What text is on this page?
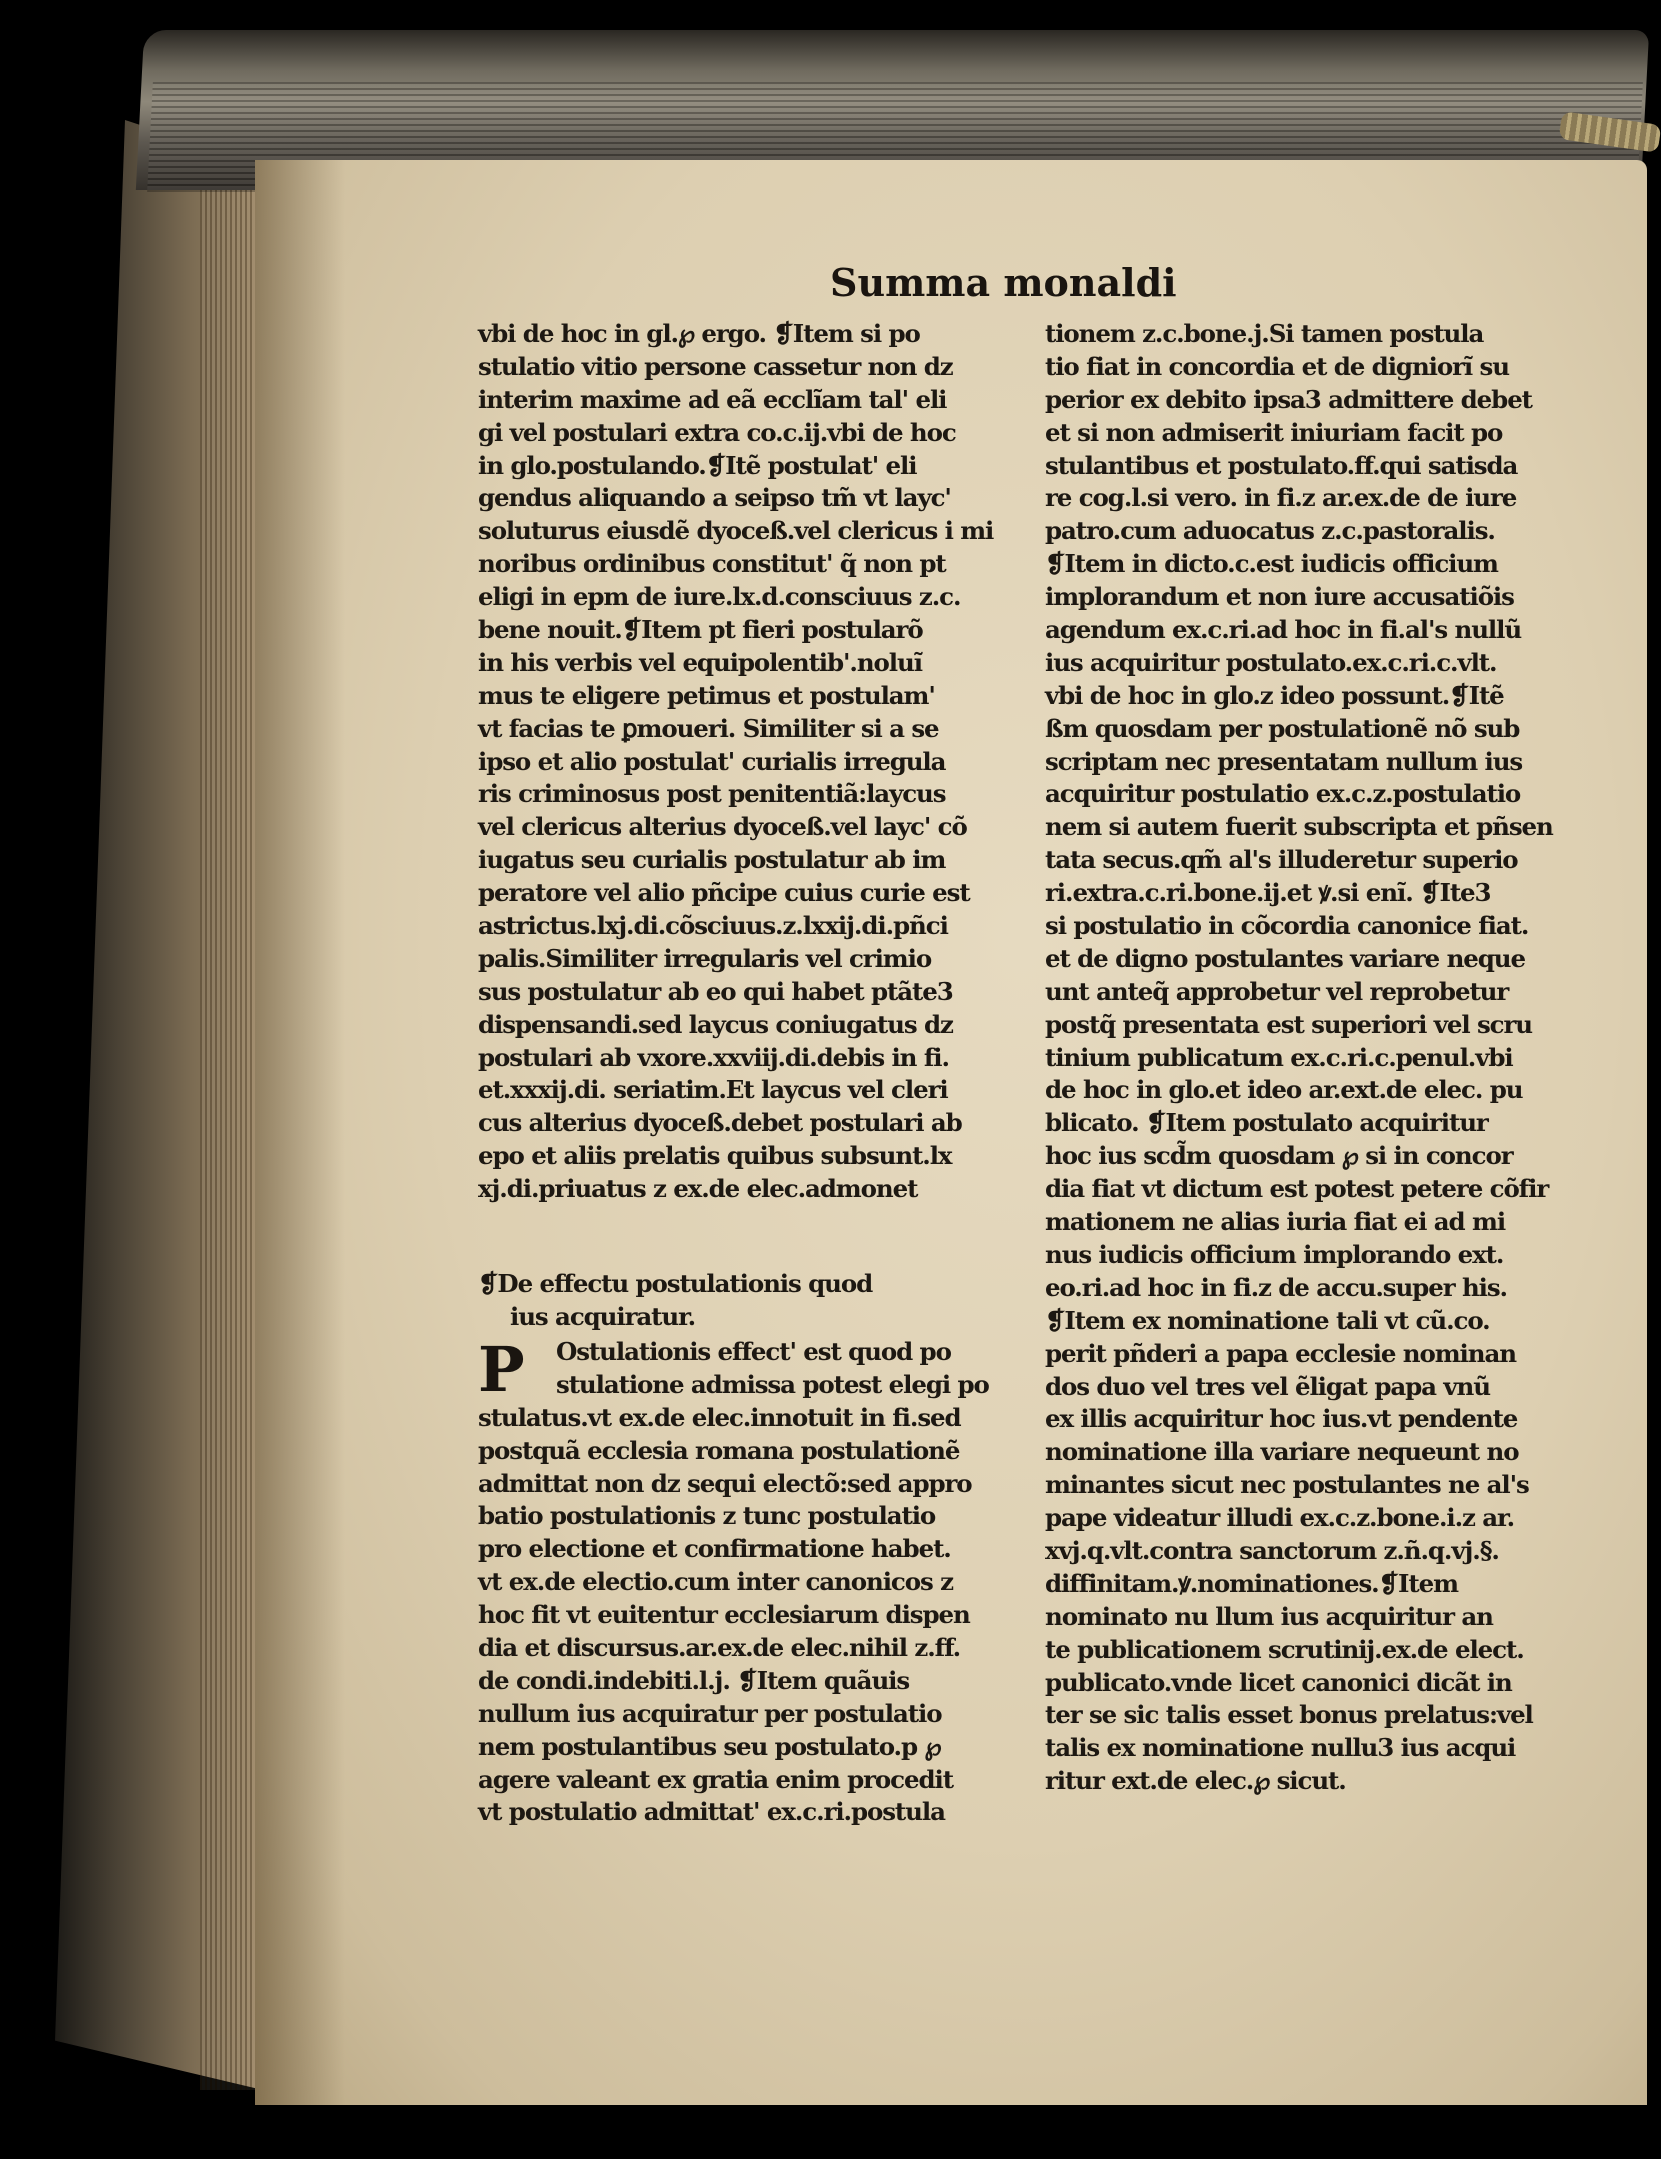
Summa monaldi
vbi de hoc in gl.℘ ergo. ❡Item si po
stulatio vitio persone cassetur non dz
interim maxime ad eã ecclĩam tal' eli
gi vel postulari extra co.c.ij.vbi de hoc
in glo.postulando.❡Itẽ postulat' eli
gendus aliquando a seipso tm̃ vt layc'
soluturus eiusdẽ dyoceß.vel clericus i mi
noribus ordinibus constitut' q̃ non pt
eligi in epm de iure.lx.d.consciuus z.c.
bene nouit.❡Item pt fieri postularõ
in his verbis vel equipolentib'.noluĩ
mus te eligere petimus et postulam'
vt facias te ꝑmoueri. Similiter si a se
ipso et alio postulat' curialis irregula
ris criminosus post penitentiã:laycus
vel clericus alterius dyoceß.vel layc' cõ
iugatus seu curialis postulatur ab im
peratore vel alio pñcipe cuius curie est
astrictus.lxj.di.cõsciuus.z.lxxij.di.pñci
palis.Similiter irregularis vel crimio
sus postulatur ab eo qui habet ptãte3
dispensandi.sed laycus coniugatus dz
postulari ab vxore.xxviij.di.debis in fi.
et.xxxij.di. seriatim.Et laycus vel cleri
cus alterius dyoceß.debet postulari ab
epo et aliis prelatis quibus subsunt.lx
xj.di.priuatus z ex.de elec.admonet
❡De effectu postulationis quod
ius acquiratur.
P	Ostulationis effect' est quod po
stulatione admissa potest elegi po
stulatus.vt ex.de elec.innotuit in fi.sed
postquã ecclesia romana postulationẽ
admittat non dz sequi electõ:sed appro
batio postulationis z tunc postulatio
pro electione et confirmatione habet.
vt ex.de electio.cum inter canonicos z
hoc fit vt euitentur ecclesiarum dispen
dia et discursus.ar.ex.de elec.nihil z.ff.
de condi.indebiti.l.j. ❡Item quãuis
nullum ius acquiratur per postulatio
nem postulantibus seu postulato.p ℘
agere valeant ex gratia enim procedit
vt postulatio admittat' ex.c.ri.postula
tionem z.c.bone.j.Si tamen postula
tio fiat in concordia et de digniorĩ su
perior ex debito ipsa3 admittere debet
et si non admiserit iniuriam facit po
stulantibus et postulato.ff.qui satisda
re cog.l.si vero. in fi.z ar.ex.de de iure
patro.cum aduocatus z.c.pastoralis.
❡Item in dicto.c.est iudicis officium
implorandum et non iure accusatiõis
agendum ex.c.ri.ad hoc in fi.al's nullũ
ius acquiritur postulato.ex.c.ri.c.vlt.
vbi de hoc in glo.z ideo possunt.❡Itẽ
ßm quosdam per postulationẽ nõ sub
scriptam nec presentatam nullum ius
acquiritur postulatio ex.c.z.postulatio
nem si autem fuerit subscripta et pñsen
tata secus.qm̃ al's illuderetur superio
ri.extra.c.ri.bone.ij.et ꝟ.si enĩ. ❡Ite3
si postulatio in cõcordia canonice fiat.
et de digno postulantes variare neque
unt anteq̃ approbetur vel reprobetur
postq̃ presentata est superiori vel scru
tinium publicatum ex.c.ri.c.penul.vbi
de hoc in glo.et ideo ar.ext.de elec. pu
blicato. ❡Item postulato acquiritur
hoc ius scd̃m quosdam ℘ si in concor
dia fiat vt dictum est potest petere cõfir
mationem ne alias iuria fiat ei ad mi
nus iudicis officium implorando ext.
eo.ri.ad hoc in fi.z de accu.super his.
❡Item ex nominatione tali vt cũ.co.
perit pñderi a papa ecclesie nominan
dos duo vel tres vel ẽligat papa vnũ
ex illis acquiritur hoc ius.vt pendente
nominatione illa variare nequeunt no
minantes sicut nec postulantes ne al's
pape videatur illudi ex.c.z.bone.i.z ar.
xvj.q.vlt.contra sanctorum z.ñ.q.vj.§.
diffinitam.ꝟ.nominationes.❡Item
nominato nu llum ius acquiritur an
te publicationem scrutinij.ex.de elect.
publicato.vnde licet canonici dicãt in
ter se sic talis esset bonus prelatus:vel
talis ex nominatione nullu3 ius acqui
ritur ext.de elec.℘ sicut.
